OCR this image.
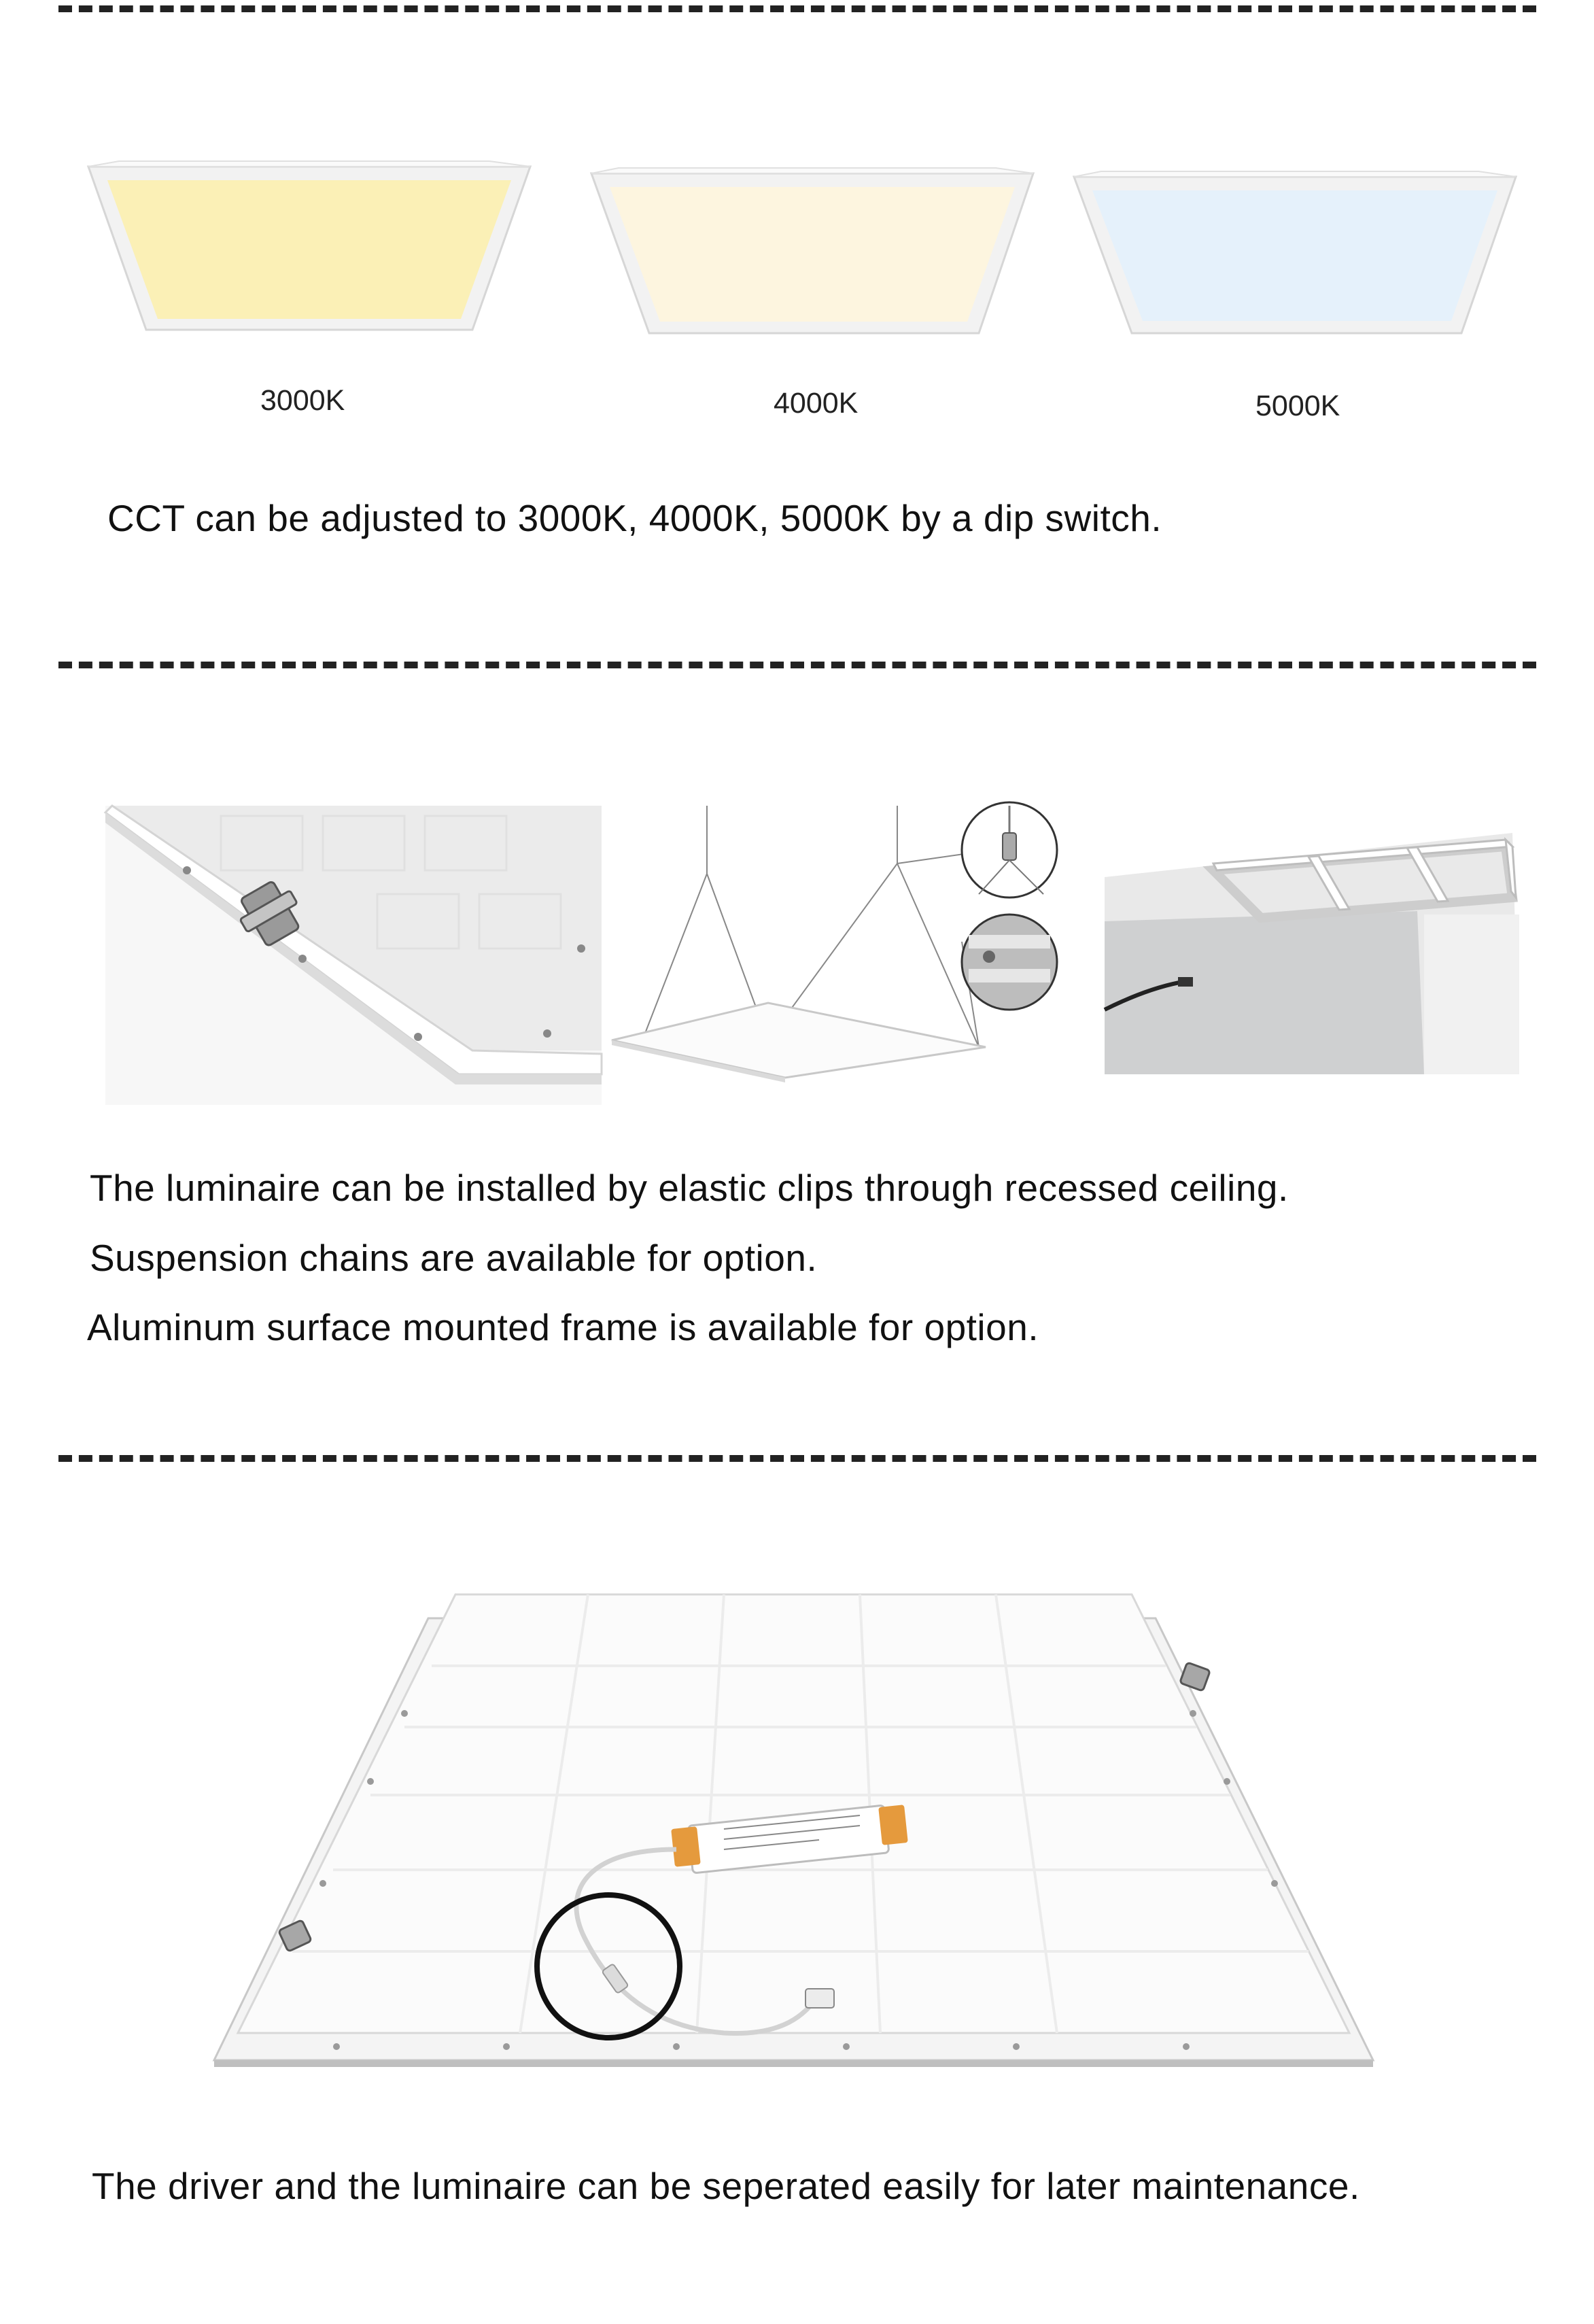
3000K	4000K	5000K
CCT can be adjusted to 3000K, 4000K, 5000K by a dip switch.
The luminaire can be installed by elastic clips through recessed ceiling.
Suspension chains are available for option.
Aluminum surface mounted frame is available for option.
The driver and the luminaire can be seperated easily for later maintenance.
